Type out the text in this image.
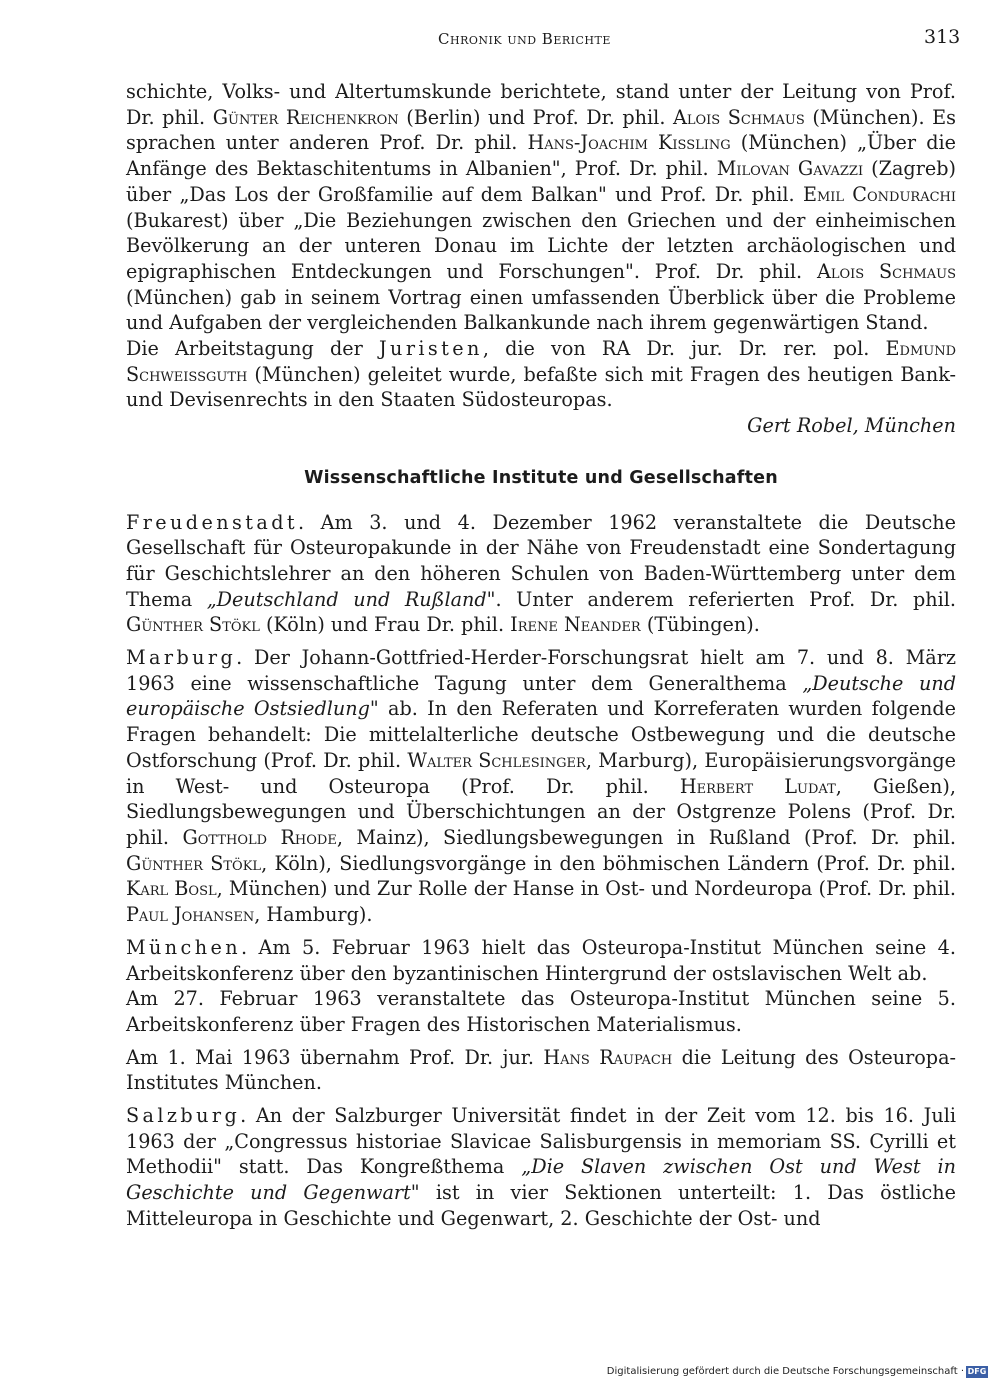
Chronik und Berichte	313

schichte, Volks- und Altertumskunde berichtete, stand unter der Leitung von Prof. Dr. phil. Günter Reichenkron (Berlin) und Prof. Dr. phil. Alois Schmaus (München). Es sprachen unter anderen Prof. Dr. phil. Hans-Joachim Kissling (München) „Über die Anfänge des Bektaschitentums in Albanien", Prof. Dr. phil. Milovan Gavazzi (Zagreb) über „Das Los der Großfamilie auf dem Balkan" und Prof. Dr. phil. Emil Condurachi (Bukarest) über „Die Beziehungen zwischen den Griechen und der einheimischen Bevölkerung an der unteren Donau im Lichte der letzten archäologischen und epigraphischen Entdeckungen und Forschungen". Prof. Dr. phil. Alois Schmaus (München) gab in seinem Vortrag einen umfassenden Überblick über die Probleme und Aufgaben der vergleichenden Balkankunde nach ihrem gegenwärtigen Stand.

Die Arbeitstagung der Juristen, die von RA Dr. jur. Dr. rer. pol. Edmund Schweissguth (München) geleitet wurde, befaßte sich mit Fragen des heutigen Bank- und Devisenrechts in den Staaten Südosteuropas.

Gert Robel, München

Wissenschaftliche Institute und Gesellschaften

Freudenstadt. Am 3. und 4. Dezember 1962 veranstaltete die Deutsche Gesellschaft für Osteuropakunde in der Nähe von Freudenstadt eine Sondertagung für Geschichtslehrer an den höheren Schulen von Baden-Württemberg unter dem Thema „Deutschland und Rußland". Unter anderem referierten Prof. Dr. phil. Günther Stökl (Köln) und Frau Dr. phil. Irene Neander (Tübingen).

Marburg. Der Johann-Gottfried-Herder-Forschungsrat hielt am 7. und 8. März 1963 eine wissenschaftliche Tagung unter dem Generalthema „Deutsche und europäische Ostsiedlung" ab. In den Referaten und Korreferaten wurden folgende Fragen behandelt: Die mittelalterliche deutsche Ostbewegung und die deutsche Ostforschung (Prof. Dr. phil. Walter Schlesinger, Marburg), Europäisierungsvorgänge in West- und Osteuropa (Prof. Dr. phil. Herbert Ludat, Gießen), Siedlungsbewegungen und Überschichtungen an der Ostgrenze Polens (Prof. Dr. phil. Gotthold Rhode, Mainz), Siedlungsbewegungen in Rußland (Prof. Dr. phil. Günther Stökl, Köln), Siedlungsvorgänge in den böhmischen Ländern (Prof. Dr. phil. Karl Bosl, München) und Zur Rolle der Hanse in Ost- und Nordeuropa (Prof. Dr. phil. Paul Johansen, Hamburg).

München. Am 5. Februar 1963 hielt das Osteuropa-Institut München seine 4. Arbeitskonferenz über den byzantinischen Hintergrund der ostslavischen Welt ab.

Am 27. Februar 1963 veranstaltete das Osteuropa-Institut München seine 5. Arbeitskonferenz über Fragen des Historischen Materialismus.

Am 1. Mai 1963 übernahm Prof. Dr. jur. Hans Raupach die Leitung des Osteuropa-Institutes München.

Salzburg. An der Salzburger Universität findet in der Zeit vom 12. bis 16. Juli 1963 der „Congressus historiae Slavicae Salisburgensis in memoriam SS. Cyrilli et Methodii" statt. Das Kongreßthema „Die Slaven zwischen Ost und West in Geschichte und Gegenwart" ist in vier Sektionen unterteilt: 1. Das östliche Mitteleuropa in Geschichte und Gegenwart, 2. Geschichte der Ost- und

Digitalisierung gefördert durch die Deutsche Forschungsgemeinschaft · DFG
